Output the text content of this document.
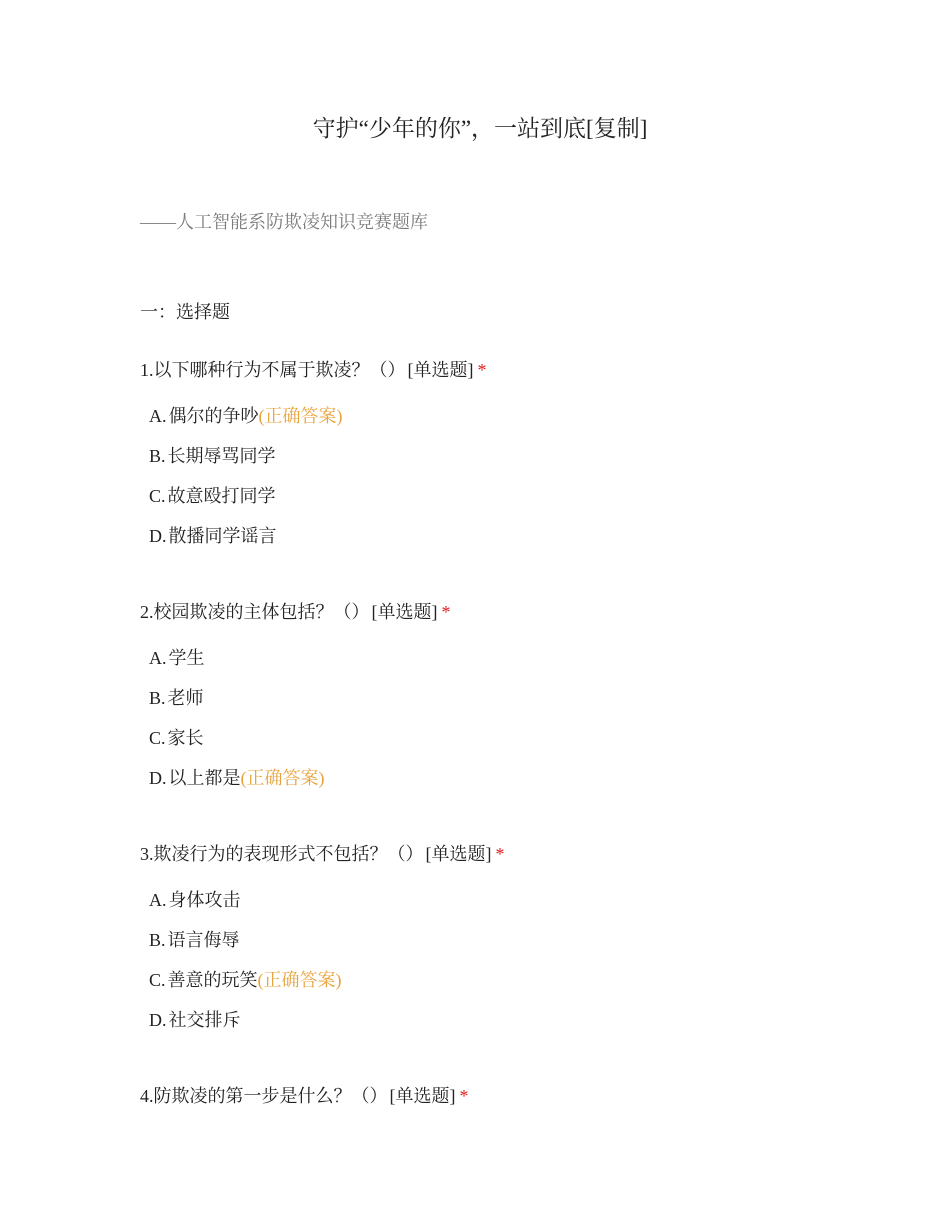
守护“少年的你”，一站到底[复制]
——人工智能系防欺凌知识竞赛题库
一：选择题
1.以下哪种行为不属于欺凌？（） [单选题] *
A. 偶尔的争吵(正确答案)
B. 长期辱骂同学
C. 故意殴打同学
D. 散播同学谣言
2.校园欺凌的主体包括？（） [单选题] *
A. 学生
B. 老师
C. 家长
D. 以上都是(正确答案)
3.欺凌行为的表现形式不包括？（） [单选题] *
A. 身体攻击
B. 语言侮辱
C. 善意的玩笑(正确答案)
D. 社交排斥
4.防欺凌的第一步是什么？（） [单选题] *
